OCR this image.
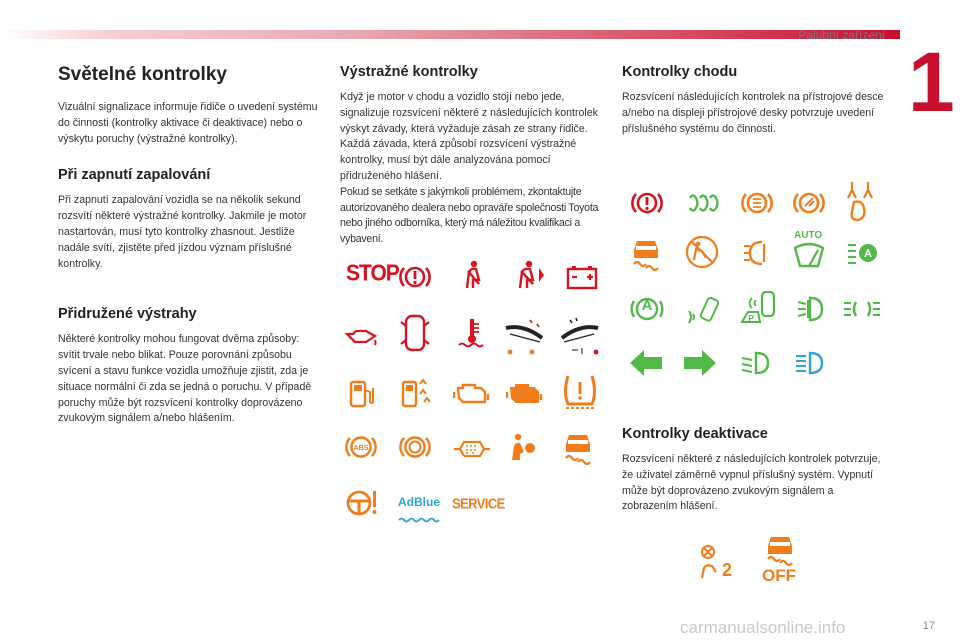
Palubní zařízení 1
Světelné kontrolky

Vizuální signalizace informuje řidiče o uvedení systému do činnosti (kontrolky aktivace či deaktivace) nebo o výskytu poruchy (výstražné kontrolky).

Při zapnutí zapalování

Při zapnutí zapalování vozidla se na několik sekund rozsvítí některé výstražné kontrolky. Jakmile je motor nastartován, musí tyto kontrolky zhasnout. Jestliže nadále svítí, zjistěte před jízdou význam příslušné kontrolky.

Přidružené výstrahy

Některé kontrolky mohou fungovat dvěma způsoby: svítit trvale nebo blikat. Pouze porovnání způsobu svícení a stavu funkce vozidla umožňuje zjistit, zda je situace normální či zda se jedná o poruchu. V případě poruchy může být rozsvícení kontrolky doprovázeno zvukovým signálem a/nebo hlášením.

Výstražné kontrolky

Když je motor v chodu a vozidlo stojí nebo jede, signalizuje rozsvícení některé z následujících kontrolek výskyt závady, která vyžaduje zásah ze strany řidiče. Každá závada, která způsobí rozsvícení výstražné kontrolky, musí být dále analyzována pomocí přidruženého hlášení.

Pokud se setkáte s jakýmkoli problémem, zkontaktujte autorizovaného dealera nebo opraváře společnosti Toyota nebo jiného odborníka, který má náležitou kvalifikaci a vybavení.

Kontrolky chodu

Rozsvícení následujících kontrolek na přístrojové desce a/nebo na displeji přístrojové desky potvrzuje uvedení příslušného systému do činnosti.

Kontrolky deaktivace

Rozsvícení některé z následujících kontrolek potvrzuje, že uživatel záměrně vypnul příslušný systém. Vypnutí může být doprovázeno zvukovým signálem a zobrazením hlášení.

STOP
ABS
AdBlue SERVICE
AUTO
A
A
P
2 OFF
carmanualsonline.info	17
